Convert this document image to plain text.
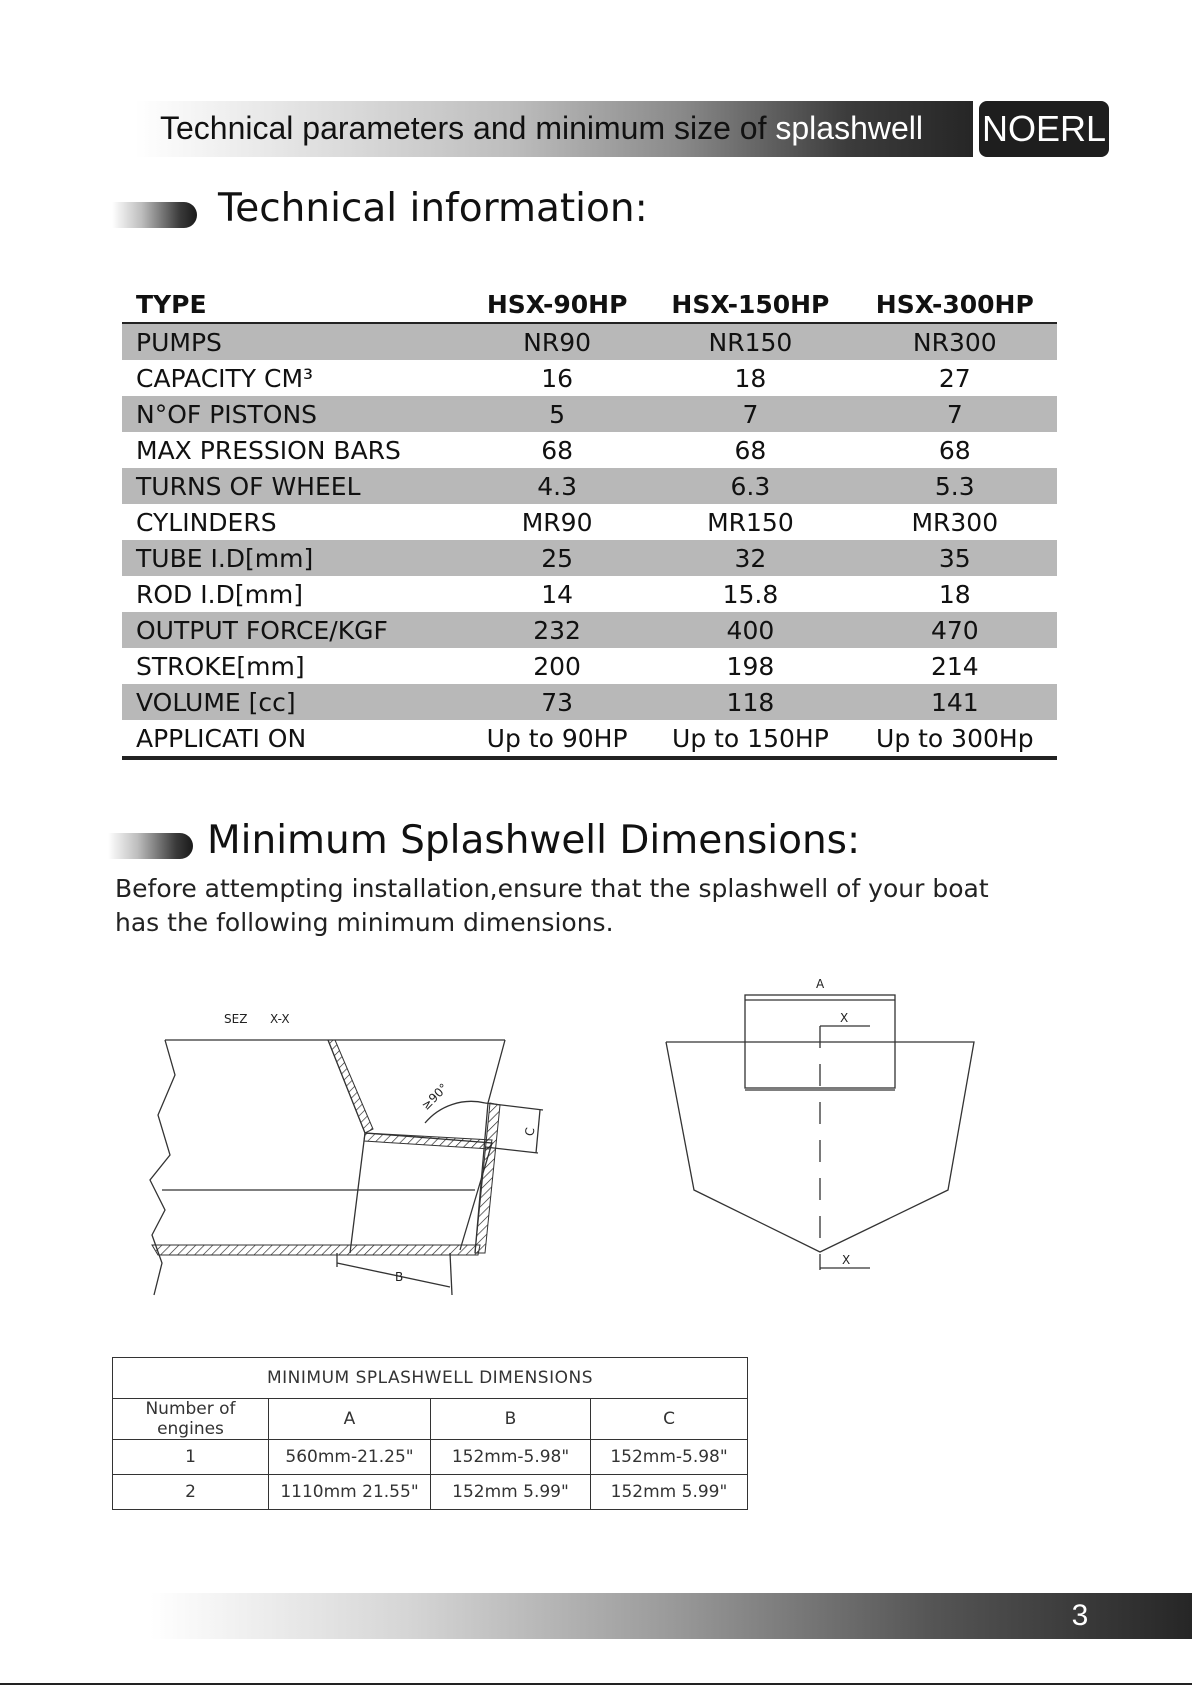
Technical parameters and minimum size of splashwell NOERL
Technical information:
TYPE	HSX-90HP	HSX-150HP	HSX-300HP
PUMPS	NR90	NR150	NR300
CAPACITY CM³	16	18	27
N°OF PISTONS	5	7	7
MAX PRESSION BARS	68	68	68
TURNS OF WHEEL	4.3	6.3	5.3
CYLINDERS	MR90	MR150	MR300
TUBE I.D[mm]	25	32	35
ROD I.D[mm]	14	15.8	18
OUTPUT FORCE/KGF	232	400	470
STROKE[mm]	200	198	214
VOLUME [cc]	73	118	141
APPLICATI ON	Up to 90HP	Up to 150HP	Up to 300Hp
Minimum Splashwell Dimensions:
Before attempting installation,ensure that the splashwell of your boat
has the following minimum dimensions.
SEZ X-X
≥90°
C
B
A
X
X
MINIMUM SPLASHWELL DIMENSIONS			
Number of engines	A	B	C
1	560mm-21.25"	152mm-5.98"	152mm-5.98"
2	1110mm 21.55"	152mm 5.99"	152mm 5.99"
3
